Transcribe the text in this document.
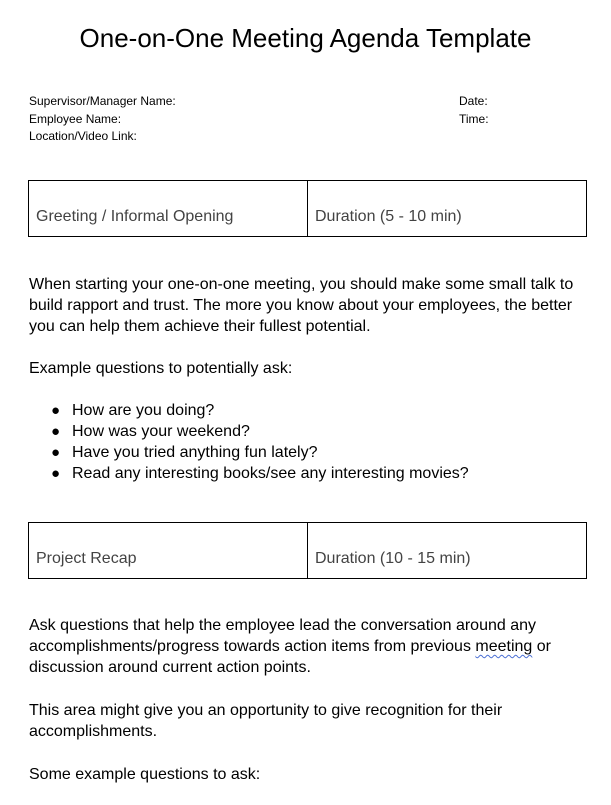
One-on-One Meeting Agenda Template
Supervisor/Manager Name:
Employee Name:
Location/Video Link:
Date:
Time:
Greeting / Informal Opening	Duration (5 - 10 min)
When starting your one-on-one meeting, you should make some small talk to build rapport and trust. The more you know about your employees, the better you can help them achieve their fullest potential.
Example questions to potentially ask:
● How are you doing?
● How was your weekend?
● Have you tried anything fun lately?
● Read any interesting books/see any interesting movies?
Project Recap	Duration (10 - 15 min)
Ask questions that help the employee lead the conversation around any accomplishments/progress towards action items from previous meeting or discussion around current action points.
This area might give you an opportunity to give recognition for their accomplishments.
Some example questions to ask:
